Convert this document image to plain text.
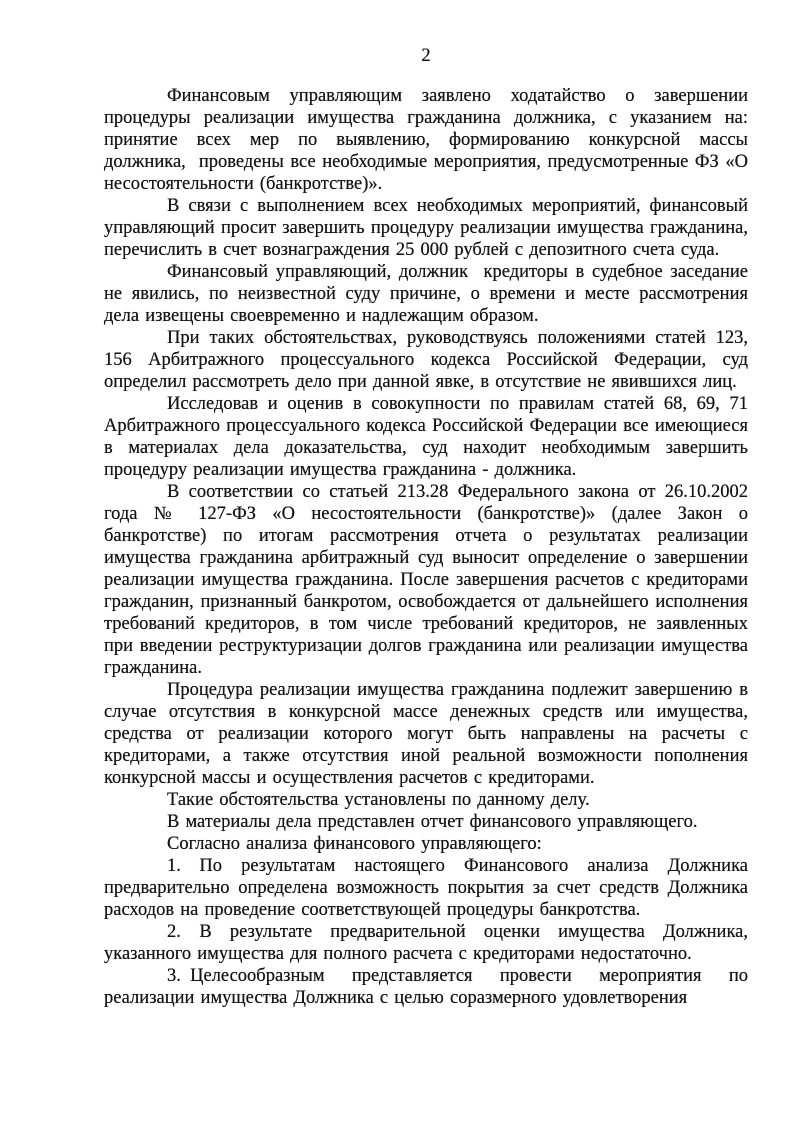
2

Финансовым управляющим заявлено ходатайство о завершении процедуры реализации имущества гражданина должника, с указанием на: принятие всех мер по выявлению, формированию конкурсной массы должника,  проведены все необходимые мероприятия, предусмотренные ФЗ «О несостоятельности (банкротстве)».

В связи с выполнением всех необходимых мероприятий, финансовый управляющий просит завершить процедуру реализации имущества гражданина, перечислить в счет вознаграждения 25 000 рублей с депозитного счета суда.

Финансовый управляющий, должник  кредиторы в судебное заседание не явились, по неизвестной суду причине, о времени и месте рассмотрения дела извещены своевременно и надлежащим образом.

При таких обстоятельствах, руководствуясь положениями статей 123, 156 Арбитражного процессуального кодекса Российской Федерации, суд определил рассмотреть дело при данной явке, в отсутствие не явившихся лиц.

Исследовав и оценив в совокупности по правилам статей 68, 69, 71 Арбитражного процессуального кодекса Российской Федерации все имеющиеся в материалах дела доказательства, суд находит необходимым завершить процедуру реализации имущества гражданина - должника.

В соответствии со статьей 213.28 Федерального закона от 26.10.2002 года № 127-ФЗ «О несостоятельности (банкротстве)» (далее Закон о банкротстве) по итогам рассмотрения отчета о результатах реализации имущества гражданина арбитражный суд выносит определение о завершении реализации имущества гражданина. После завершения расчетов с кредиторами гражданин, признанный банкротом, освобождается от дальнейшего исполнения требований кредиторов, в том числе требований кредиторов, не заявленных при введении реструктуризации долгов гражданина или реализации имущества гражданина.

Процедура реализации имущества гражданина подлежит завершению в случае отсутствия в конкурсной массе денежных средств или имущества, средства от реализации которого могут быть направлены на расчеты с кредиторами, а также отсутствия иной реальной возможности пополнения конкурсной массы и осуществления расчетов с кредиторами.

Такие обстоятельства установлены по данному делу.

В материалы дела представлен отчет финансового управляющего.

Согласно анализа финансового управляющего:

1. По результатам настоящего Финансового анализа Должника предварительно определена возможность покрытия за счет средств Должника расходов на проведение соответствующей процедуры банкротства.

2. В результате предварительной оценки имущества Должника, указанного имущества для полного расчета с кредиторами недостаточно.

3. Целесообразным представляется провести мероприятия по реализации имущества Должника с целью соразмерного удовлетворения
